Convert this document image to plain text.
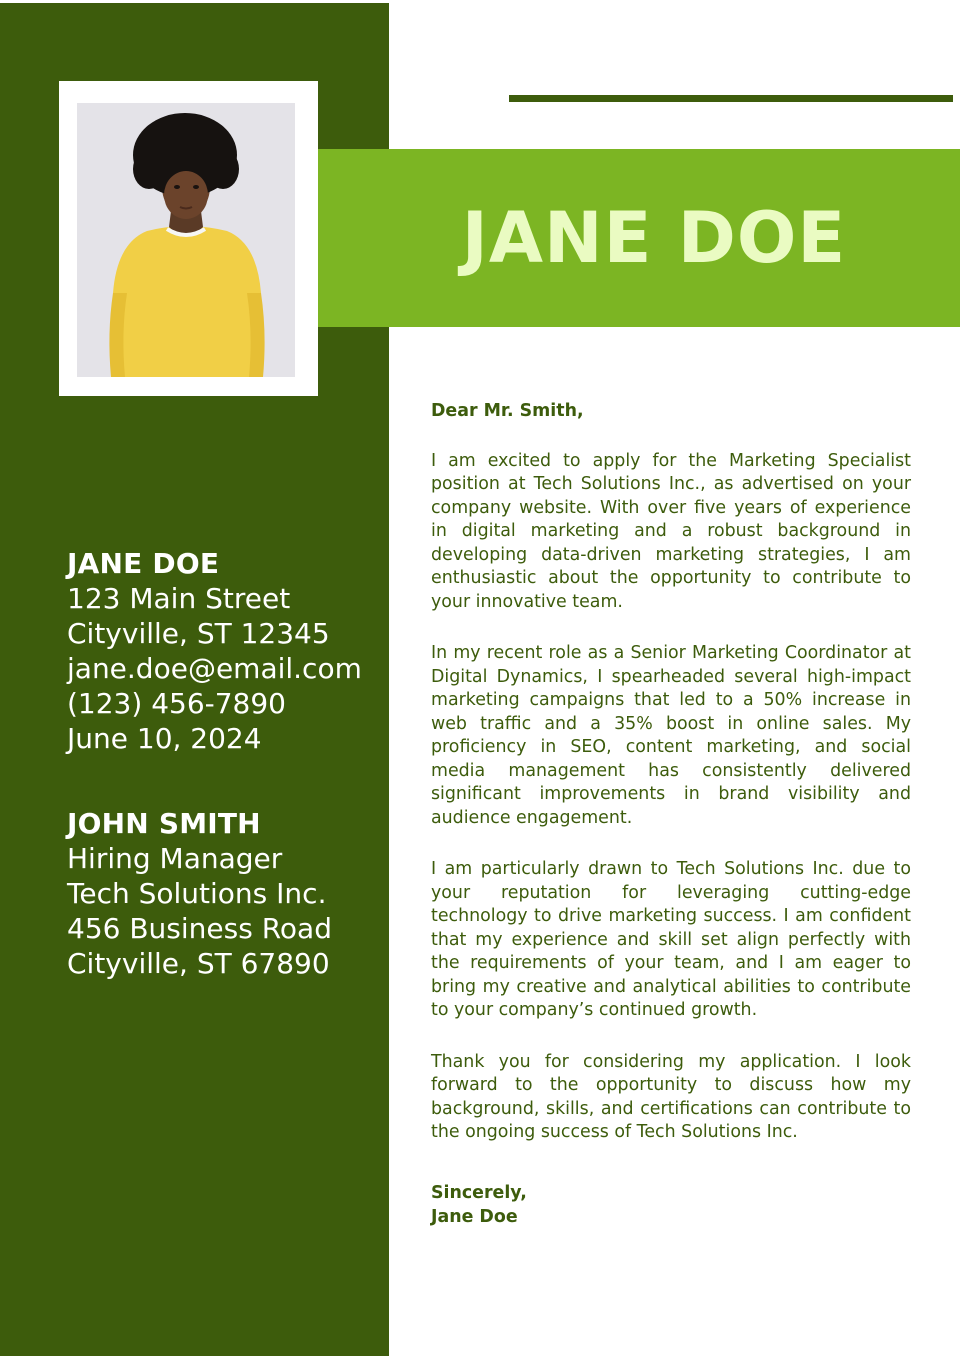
JANE DOE
123 Main Street
Cityville, ST 12345
jane.doe@email.com
(123) 456-7890
June 10, 2024
JOHN SMITH
Hiring Manager
Tech Solutions Inc.
456 Business Road
Cityville, ST 67890
JANE DOE
Dear Mr. Smith,

I am excited to apply for the Marketing Specialist position at Tech Solutions Inc., as advertised on your company website. With over five years of experience in digital marketing and a robust background in developing data-driven marketing strategies, I am enthusiastic about the opportunity to contribute to your innovative team.

In my recent role as a Senior Marketing Coordinator at Digital Dynamics, I spearheaded several high-impact marketing campaigns that led to a 50% increase in web traffic and a 35% boost in online sales. My proficiency in SEO, content marketing, and social media management has consistently delivered significant improvements in brand visibility and audience engagement.

I am particularly drawn to Tech Solutions Inc. due to your reputation for leveraging cutting-edge technology to drive marketing success. I am confident that my experience and skill set align perfectly with the requirements of your team, and I am eager to bring my creative and analytical abilities to contribute to your company’s continued growth.

Thank you for considering my application. I look forward to the opportunity to discuss how my background, skills, and certifications can contribute to the ongoing success of Tech Solutions Inc.

Sincerely,
Jane Doe
